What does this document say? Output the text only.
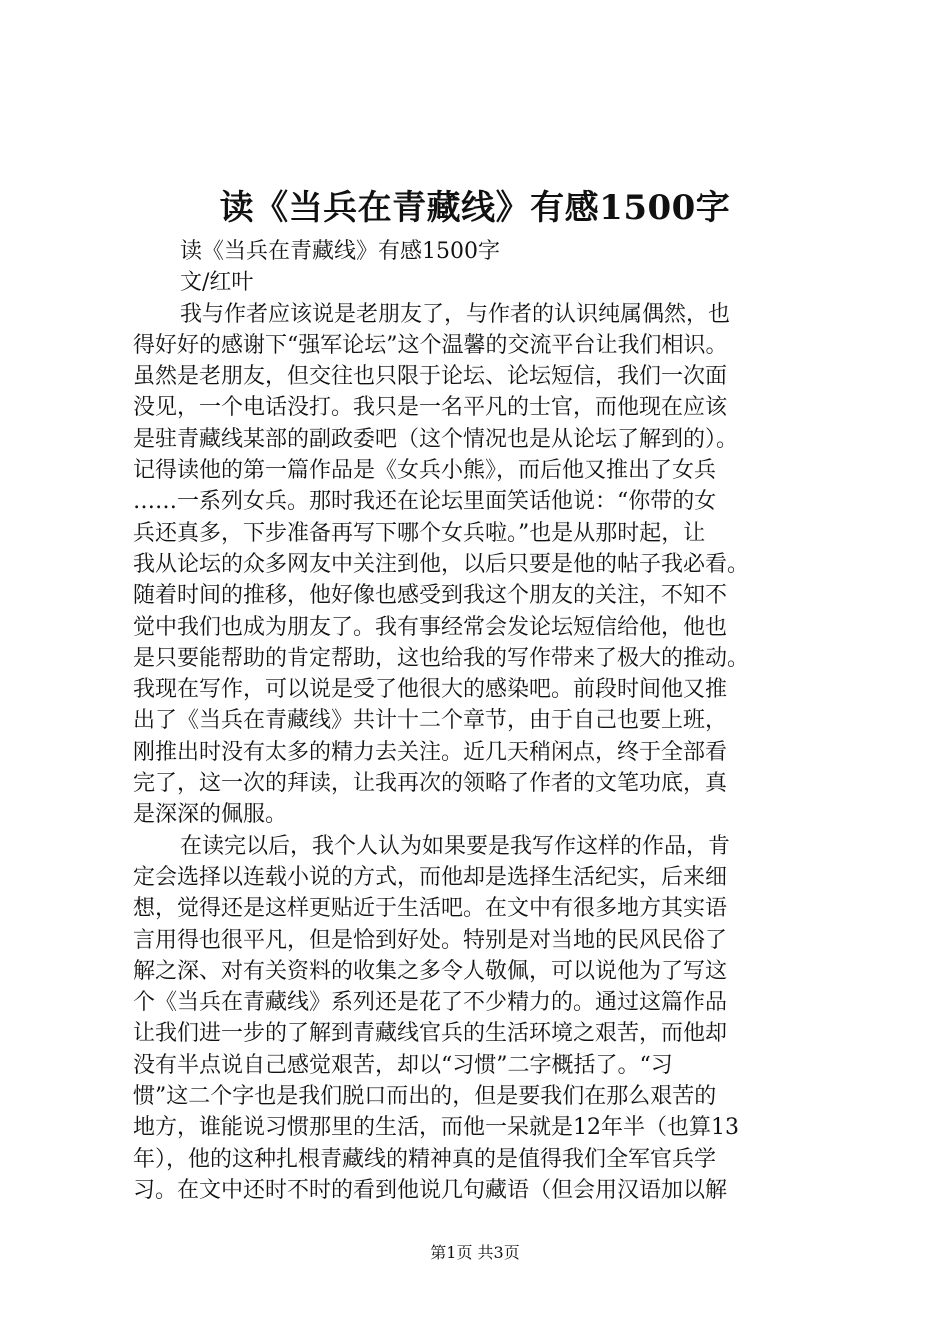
读《当兵在青藏线》有感1500字

读《当兵在青藏线》有感1500字

文/红叶

我与作者应该说是老朋友了，与作者的认识纯属偶然，也

得好好的感谢下“强军论坛”这个温馨的交流平台让我们相识。

虽然是老朋友，但交往也只限于论坛、论坛短信，我们一次面

没见，一个电话没打。我只是一名平凡的士官，而他现在应该

是驻青藏线某部的副政委吧（这个情况也是从论坛了解到的）。

记得读他的第一篇作品是《女兵小熊》，而后他又推出了女兵

……一系列女兵。那时我还在论坛里面笑话他说：“你带的女

兵还真多，下步准备再写下哪个女兵啦。”也是从那时起，让

我从论坛的众多网友中关注到他，以后只要是他的帖子我必看。

随着时间的推移，他好像也感受到我这个朋友的关注，不知不

觉中我们也成为朋友了。我有事经常会发论坛短信给他，他也

是只要能帮助的肯定帮助，这也给我的写作带来了极大的推动。

我现在写作，可以说是受了他很大的感染吧。前段时间他又推

出了《当兵在青藏线》共计十二个章节，由于自己也要上班，

刚推出时没有太多的精力去关注。近几天稍闲点，终于全部看

完了，这一次的拜读，让我再次的领略了作者的文笔功底，真

是深深的佩服。

在读完以后，我个人认为如果要是我写作这样的作品，肯

定会选择以连载小说的方式，而他却是选择生活纪实，后来细

想，觉得还是这样更贴近于生活吧。在文中有很多地方其实语

言用得也很平凡，但是恰到好处。特别是对当地的民风民俗了

解之深、对有关资料的收集之多令人敬佩，可以说他为了写这

个《当兵在青藏线》系列还是花了不少精力的。通过这篇作品

让我们进一步的了解到青藏线官兵的生活环境之艰苦，而他却

没有半点说自己感觉艰苦，却以“习惯”二字概括了。“习

惯”这二个字也是我们脱口而出的，但是要我们在那么艰苦的

地方，谁能说习惯那里的生活，而他一呆就是12年半（也算13

年），他的这种扎根青藏线的精神真的是值得我们全军官兵学

习。在文中还时不时的看到他说几句藏语（但会用汉语加以解

第1页 共3页
